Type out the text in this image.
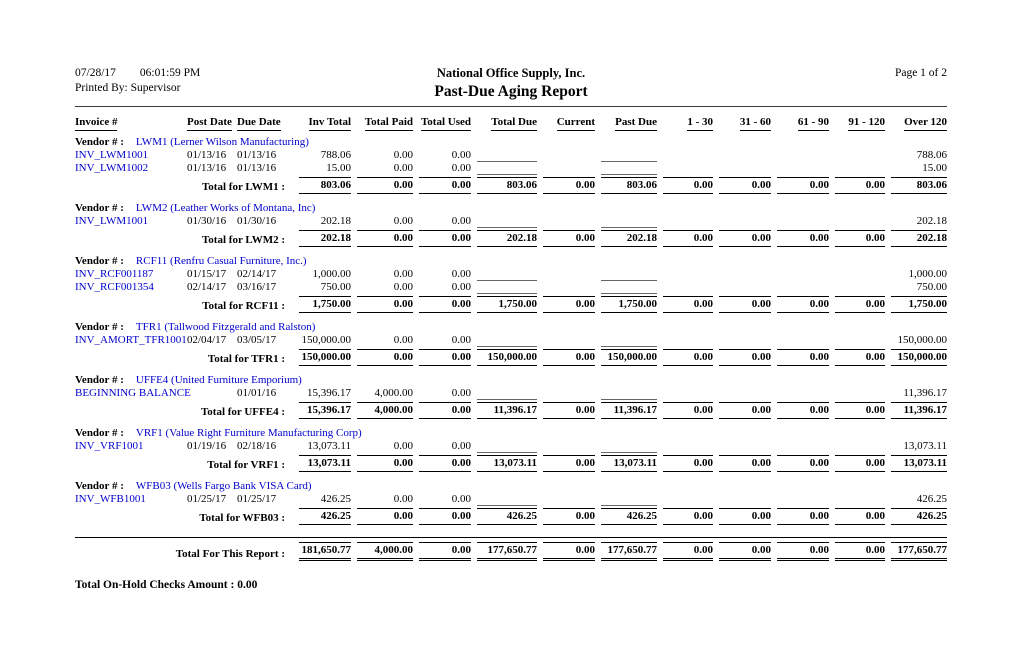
07/28/17 06:01:59 PM
Printed By: Supervisor
National Office Supply, Inc.
Past-Due Aging Report
Page 1 of 2
Invoice #	Post Date	Due Date	Inv Total	Total Paid	Total Used	Total Due	Current	Past Due	1 - 30	31 - 60	61 - 90	91 - 120	Over 120
Vendor # : LWM1 (Lerner Wilson Manufacturing)													
INV_LWM1001	01/13/16	01/13/16	788.06	0.00	0.00								788.06
INV_LWM1002	01/13/16	01/13/16	15.00	0.00	0.00								15.00
Total for LWM1 :			803.06	0.00	0.00	803.06	0.00	803.06	0.00	0.00	0.00	0.00	803.06

Vendor # : LWM2 (Leather Works of Montana, Inc)													
INV_LWM1001	01/30/16	01/30/16	202.18	0.00	0.00								202.18
Total for LWM2 :			202.18	0.00	0.00	202.18	0.00	202.18	0.00	0.00	0.00	0.00	202.18

Vendor # : RCF11 (Renfru Casual Furniture, Inc.)													
INV_RCF001187	01/15/17	02/14/17	1,000.00	0.00	0.00								1,000.00
INV_RCF001354	02/14/17	03/16/17	750.00	0.00	0.00								750.00
Total for RCF11 :			1,750.00	0.00	0.00	1,750.00	0.00	1,750.00	0.00	0.00	0.00	0.00	1,750.00

Vendor # : TFR1 (Tallwood Fitzgerald and Ralston)													
INV_AMORT_TFR1001	02/04/17	03/05/17	150,000.00	0.00	0.00								150,000.00
Total for TFR1 :			150,000.00	0.00	0.00	150,000.00	0.00	150,000.00	0.00	0.00	0.00	0.00	150,000.00

Vendor # : UFFE4 (United Furniture Emporium)													
BEGINNING BALANCE		01/01/16	15,396.17	4,000.00	0.00								11,396.17
Total for UFFE4 :			15,396.17	4,000.00	0.00	11,396.17	0.00	11,396.17	0.00	0.00	0.00	0.00	11,396.17

Vendor # : VRF1 (Value Right Furniture Manufacturing Corp)													
INV_VRF1001	01/19/16	02/18/16	13,073.11	0.00	0.00								13,073.11
Total for VRF1 :			13,073.11	0.00	0.00	13,073.11	0.00	13,073.11	0.00	0.00	0.00	0.00	13,073.11

Vendor # : WFB03 (Wells Fargo Bank VISA Card)													
INV_WFB1001	01/25/17	01/25/17	426.25	0.00	0.00								426.25
Total for WFB03 :			426.25	0.00	0.00	426.25	0.00	426.25	0.00	0.00	0.00	0.00	426.25

Total For This Report :			181,650.77	4,000.00	0.00	177,650.77	0.00	177,650.77	0.00	0.00	0.00	0.00	177,650.77
Total On-Hold Checks Amount : 0.00
